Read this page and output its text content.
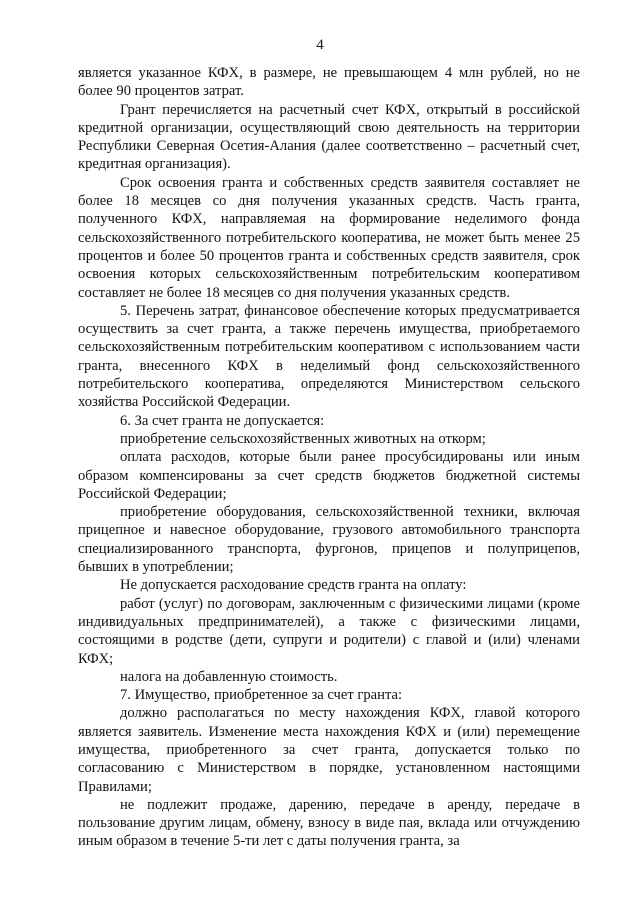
4

является указанное КФХ, в размере, не превышающем 4 млн рублей, но не более 90 процентов затрат.

Грант перечисляется на расчетный счет КФХ, открытый в российской кредитной организации, осуществляющий свою деятельность на территории Республики Северная Осетия-Алания (далее соответственно – расчетный счет, кредитная организация).

Срок освоения гранта и собственных средств заявителя составляет не более 18 месяцев со дня получения указанных средств. Часть гранта, полученного КФХ, направляемая на формирование неделимого фонда сельскохозяйственного потребительского кооператива, не может быть менее 25 процентов и более 50 процентов гранта и собственных средств заявителя, срок освоения которых сельскохозяйственным потребительским кооперативом составляет не более 18 месяцев со дня получения указанных средств.

5. Перечень затрат, финансовое обеспечение которых предусматривается осуществить за счет гранта, а также перечень имущества, приобретаемого сельскохозяйственным потребительским кооперативом с использованием части гранта, внесенного КФХ в неделимый фонд сельскохозяйственного потребительского кооператива, определяются Министерством сельского хозяйства Российской Федерации.

6. За счет гранта не допускается:

приобретение сельскохозяйственных животных на откорм;

оплата расходов, которые были ранее просубсидированы или иным образом компенсированы за счет средств бюджетов бюджетной системы Российской Федерации;

приобретение оборудования, сельскохозяйственной техники, включая прицепное и навесное оборудование, грузового автомобильного транспорта специализированного транспорта, фургонов, прицепов и полуприцепов, бывших в употреблении;

Не допускается расходование средств гранта на оплату:

работ (услуг) по договорам, заключенным с физическими лицами (кроме индивидуальных предпринимателей), а также с физическими лицами, состоящими в родстве (дети, супруги и родители) с главой и (или) членами КФХ;

налога на добавленную стоимость.

7. Имущество, приобретенное за счет гранта:

должно располагаться по месту нахождения КФХ, главой которого является заявитель. Изменение места нахождения КФХ и (или) перемещение имущества, приобретенного за счет гранта, допускается только по согласованию с Министерством в порядке, установленном настоящими Правилами;

не подлежит продаже, дарению, передаче в аренду, передаче в пользование другим лицам, обмену, взносу в виде пая, вклада или отчуждению иным образом в течение 5-ти лет с даты получения гранта, за
